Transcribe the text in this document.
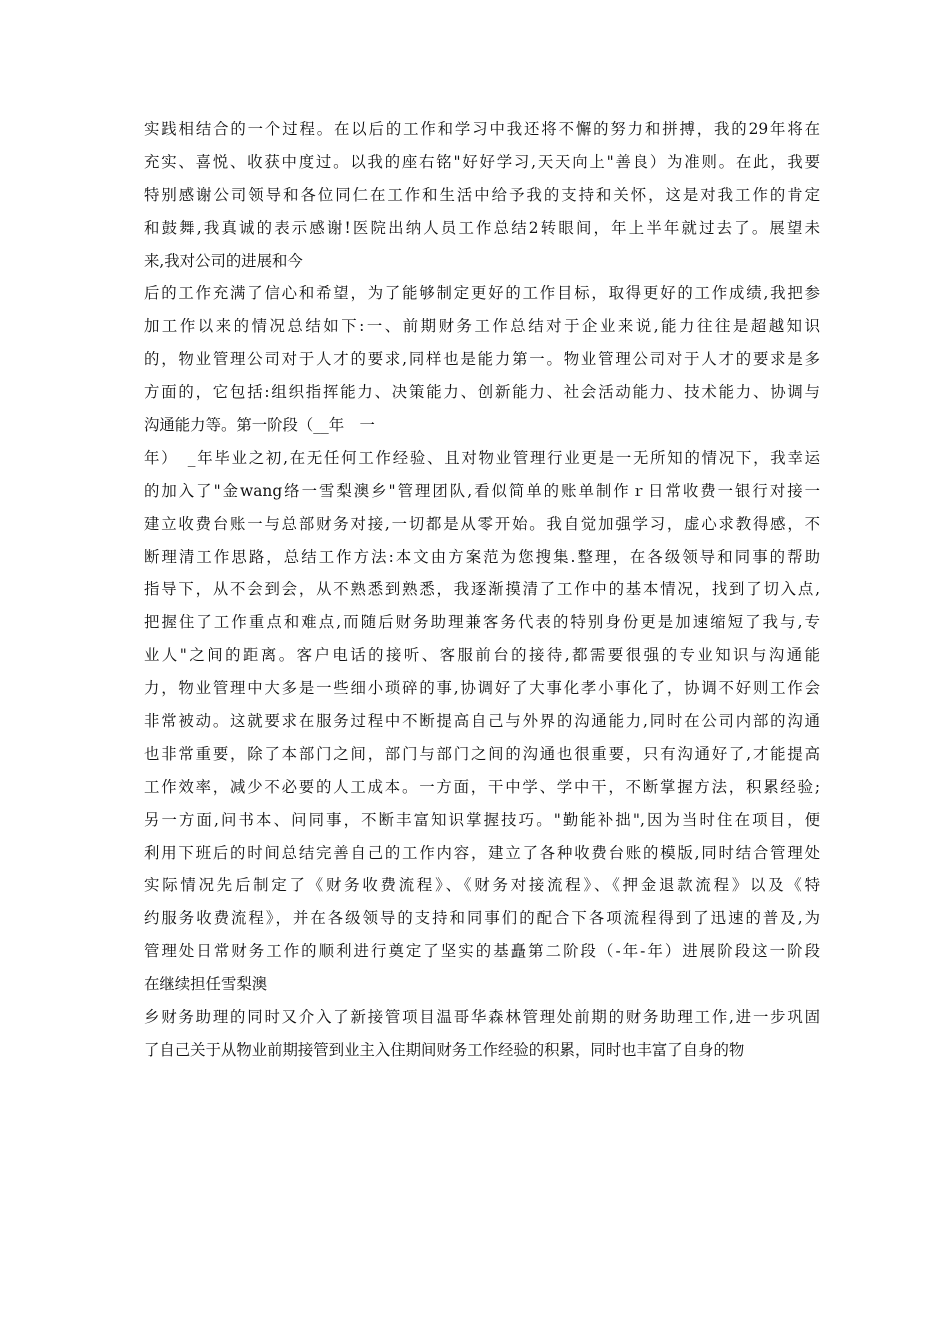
实践相结合的一个过程。在以后的工作和学习中我还将不懈的努力和拼搏，我的29年将在
充实、喜悦、收获中度过。以我的座右铭"好好学习,天天向上"善良）为准则。在此，我要
特别感谢公司领导和各位同仁在工作和生活中给予我的支持和关怀，这是对我工作的肯定
和鼓舞,我真诚的表示感谢!医院出纳人员工作总结2转眼间，年上半年就过去了。展望未
来,我对公司的进展和今
后的工作充满了信心和希望，为了能够制定更好的工作目标，取得更好的工作成绩,我把参
加工作以来的情况总结如下:一、前期财务工作总结对于企业来说,能力往往是超越知识
的，物业管理公司对于人才的要求,同样也是能力第一。物业管理公司对于人才的要求是多
方面的，它包括:组织指挥能力、决策能力、创新能力、社会活动能力、技术能力、协调与
沟通能力等。第一阶段（__年　一
年）　_年毕业之初,在无任何工作经验、且对物业管理行业更是一无所知的情况下，我幸运
的加入了"金wang络一雪梨澳乡"管理团队,看似简单的账单制作ｒ日常收费一银行对接一
建立收费台账一与总部财务对接,一切都是从零开始。我自觉加强学习，虚心求教得感，不
断理清工作思路，总结工作方法:本文由方案范为您搜集.整理，在各级领导和同事的帮助
指导下，从不会到会，从不熟悉到熟悉，我逐渐摸清了工作中的基本情况，找到了切入点,
把握住了工作重点和难点,而随后财务助理兼客务代表的特别身份更是加速缩短了我与,专
业人"之间的距离。客户电话的接听、客服前台的接待,都需要很强的专业知识与沟通能
力，物业管理中大多是一些细小琐碎的事,协调好了大事化孝小事化了，协调不好则工作会
非常被动。这就要求在服务过程中不断提高自己与外界的沟通能力,同时在公司内部的沟通
也非常重要，除了本部门之间，部门与部门之间的沟通也很重要，只有沟通好了,才能提高
工作效率，减少不必要的人工成本。一方面，干中学、学中干，不断掌握方法，积累经验;
另一方面,问书本、问同事，不断丰富知识掌握技巧。"勤能补拙",因为当时住在项目，便
利用下班后的时间总结完善自己的工作内容，建立了各种收费台账的模版,同时结合管理处
实际情况先后制定了《财务收费流程》、《财务对接流程》、《押金退款流程》以及《特
约服务收费流程》，并在各级领导的支持和同事们的配合下各项流程得到了迅速的普及,为
管理处日常财务工作的顺利进行奠定了坚实的基矗第二阶段（-年-年）进展阶段这一阶段
在继续担任雪梨澳
乡财务助理的同时又介入了新接管项目温哥华森林管理处前期的财务助理工作,进一步巩固
了自己关于从物业前期接管到业主入住期间财务工作经验的积累，同时也丰富了自身的物
